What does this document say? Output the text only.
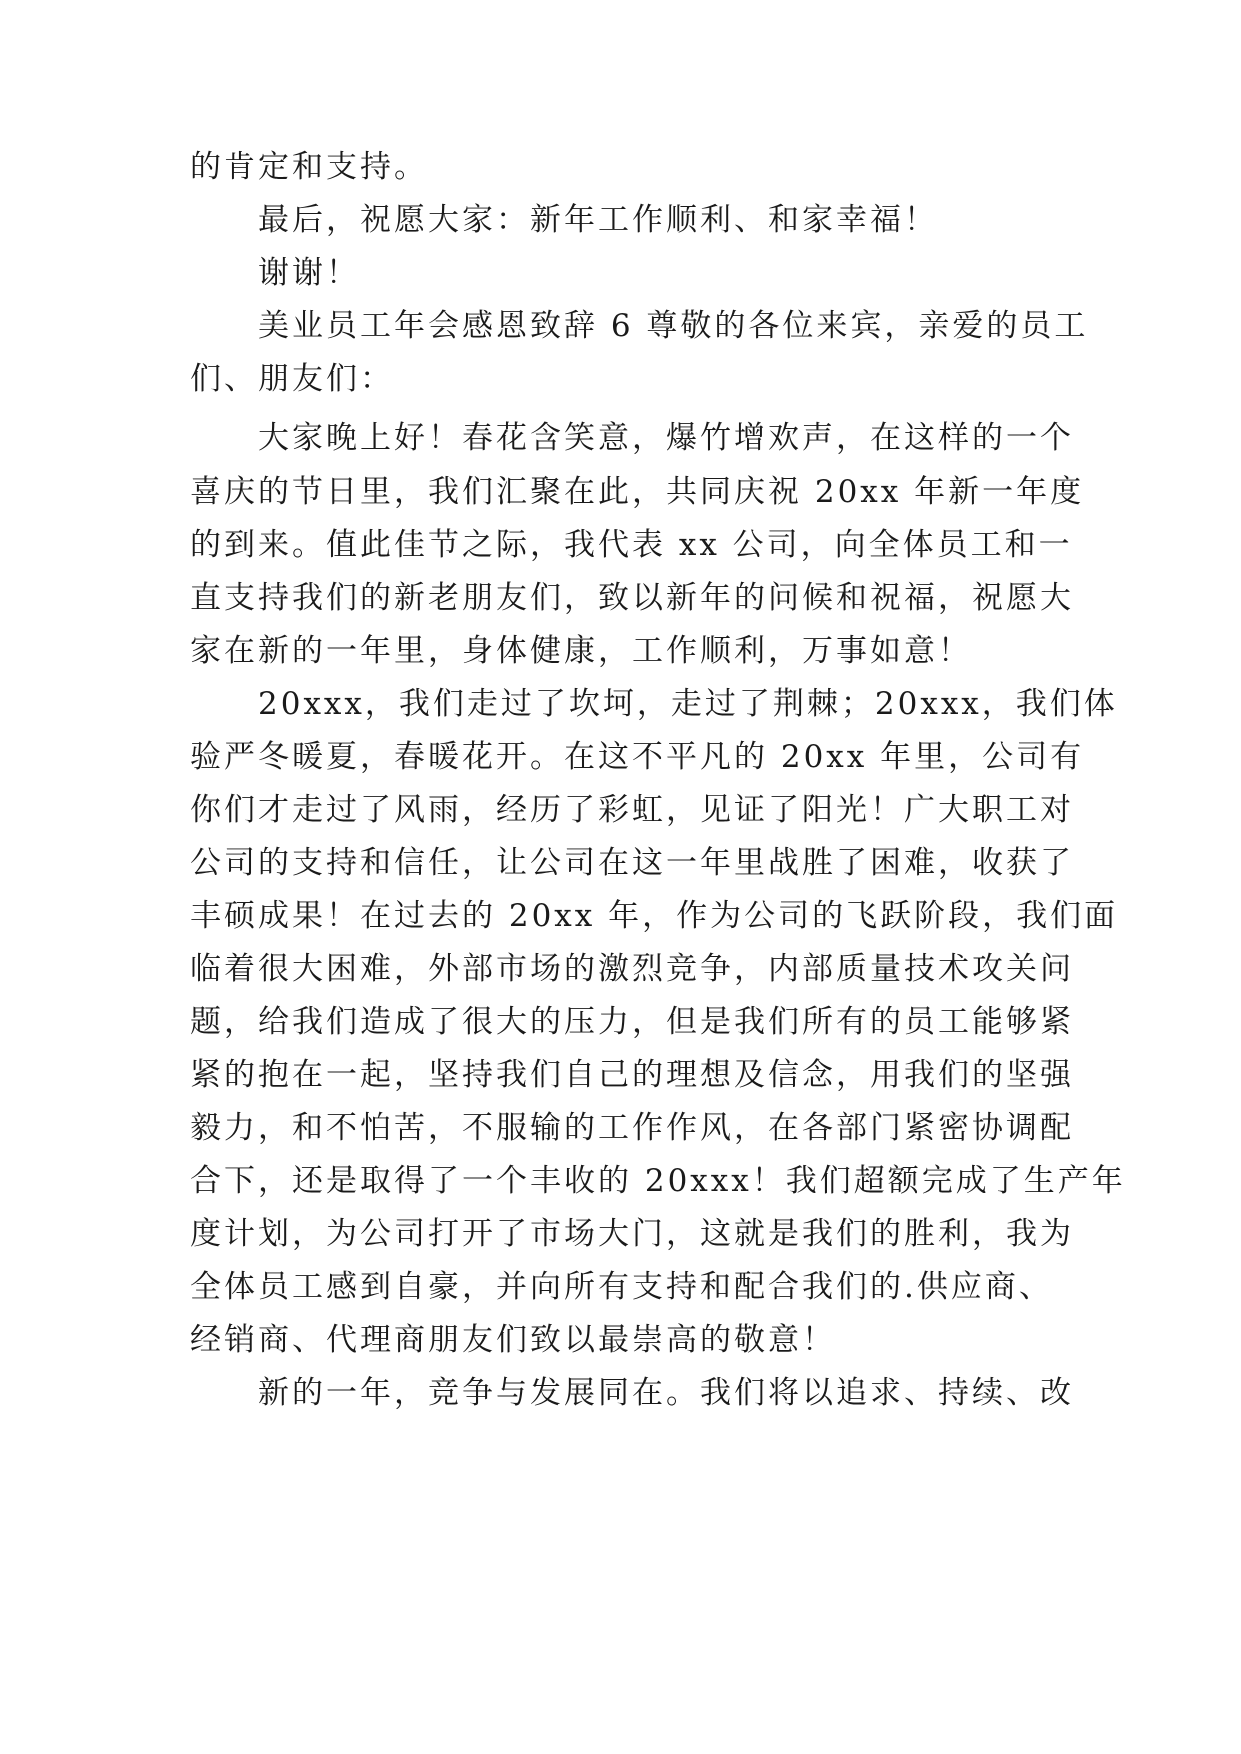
的肯定和支持。
最后，祝愿大家：新年工作顺利、和家幸福！
谢谢！
美业员工年会感恩致辞 6 尊敬的各位来宾，亲爱的员工
们、朋友们：
大家晚上好！春花含笑意，爆竹增欢声，在这样的一个
喜庆的节日里，我们汇聚在此，共同庆祝 20xx 年新一年度
的到来。值此佳节之际，我代表 xx 公司，向全体员工和一
直支持我们的新老朋友们，致以新年的问候和祝福，祝愿大
家在新的一年里，身体健康，工作顺利，万事如意！
20xxx，我们走过了坎坷，走过了荆棘；20xxx，我们体
验严冬暖夏，春暖花开。在这不平凡的 20xx 年里，公司有
你们才走过了风雨，经历了彩虹，见证了阳光！广大职工对
公司的支持和信任，让公司在这一年里战胜了困难，收获了
丰硕成果！在过去的 20xx 年，作为公司的飞跃阶段，我们面
临着很大困难，外部市场的激烈竞争，内部质量技术攻关问
题，给我们造成了很大的压力，但是我们所有的员工能够紧
紧的抱在一起，坚持我们自己的理想及信念，用我们的坚强
毅力，和不怕苦，不服输的工作作风，在各部门紧密协调配
合下，还是取得了一个丰收的 20xxx！我们超额完成了生产年
度计划，为公司打开了市场大门，这就是我们的胜利，我为
全体员工感到自豪，并向所有支持和配合我们的.供应商、
经销商、代理商朋友们致以最崇高的敬意！
新的一年，竞争与发展同在。我们将以追求、持续、改
